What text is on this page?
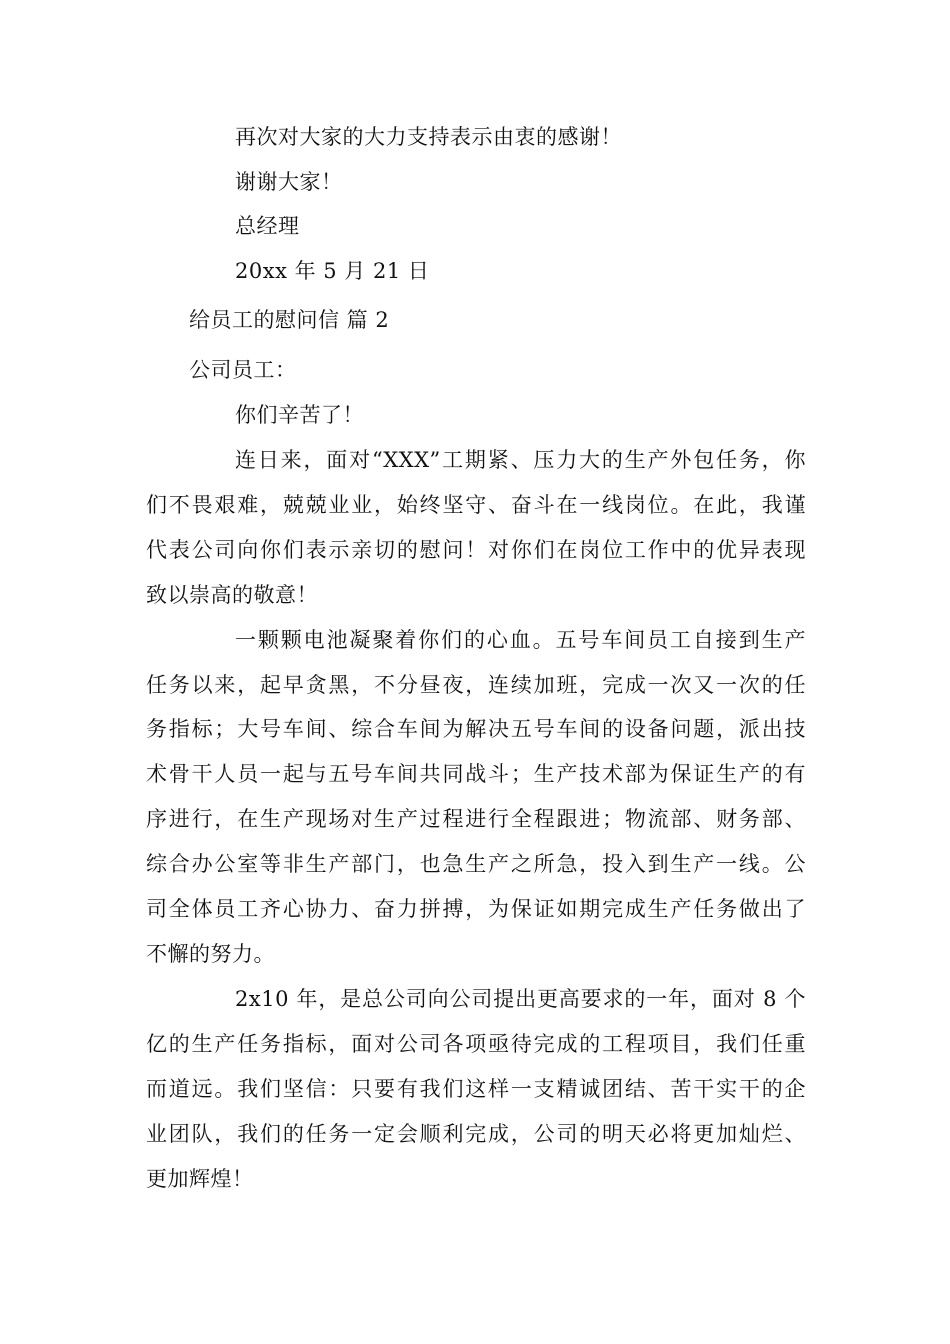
再次对大家的大力支持表示由衷的感谢！
谢谢大家！
总经理
20xx 年 5 月 21 日
给员工的慰问信 篇 2
公司员工：
你们辛苦了！
连日来，面对“XXX”工期紧、压力大的生产外包任务，你
们不畏艰难，兢兢业业，始终坚守、奋斗在一线岗位。在此，我谨
代表公司向你们表示亲切的慰问！对你们在岗位工作中的优异表现
致以崇高的敬意！
一颗颗电池凝聚着你们的心血。五号车间员工自接到生产
任务以来，起早贪黑，不分昼夜，连续加班，完成一次又一次的任
务指标；大号车间、综合车间为解决五号车间的设备问题，派出技
术骨干人员一起与五号车间共同战斗；生产技术部为保证生产的有
序进行，在生产现场对生产过程进行全程跟进；物流部、财务部、
综合办公室等非生产部门，也急生产之所急，投入到生产一线。公
司全体员工齐心协力、奋力拼搏，为保证如期完成生产任务做出了
不懈的努力。
2x10 年，是总公司向公司提出更高要求的一年，面对 8 个
亿的生产任务指标，面对公司各项亟待完成的工程项目，我们任重
而道远。我们坚信：只要有我们这样一支精诚团结、苦干实干的企
业团队，我们的任务一定会顺利完成，公司的明天必将更加灿烂、
更加辉煌！
